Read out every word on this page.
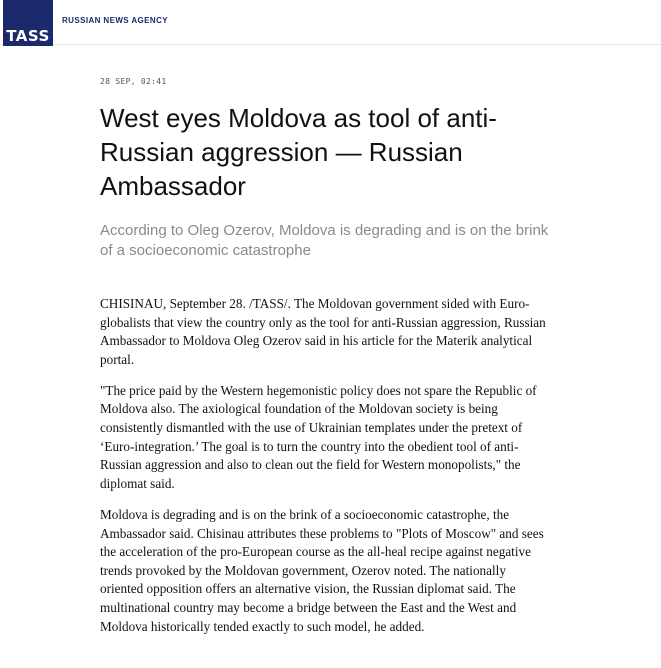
TASS
RUSSIAN NEWS AGENCY
28 SEP, 02:41
West eyes Moldova as tool of anti-Russian aggression — Russian Ambassador

According to Oleg Ozerov, Moldova is degrading and is on the brink of a socioeconomic catastrophe

CHISINAU, September 28. /TASS/. The Moldovan government sided with Euro-globalists that view the country only as the tool for anti-Russian aggression, Russian Ambassador to Moldova Oleg Ozerov said in his article for the Materik analytical portal.

"The price paid by the Western hegemonistic policy does not spare the Republic of Moldova also. The axiological foundation of the Moldovan society is being consistently dismantled with the use of Ukrainian templates under the pretext of ‘Euro-integration.’ The goal is to turn the country into the obedient tool of anti-Russian aggression and also to clean out the field for Western monopolists," the diplomat said.

Moldova is degrading and is on the brink of a socioeconomic catastrophe, the Ambassador said. Chisinau attributes these problems to "Plots of Moscow" and sees the acceleration of the pro-European course as the all-heal recipe against negative trends provoked by the Moldovan government, Ozerov noted. The nationally oriented opposition offers an alternative vision, the Russian diplomat said. The multinational country may become a bridge between the East and the West and Moldova historically tended exactly to such model, he added.
